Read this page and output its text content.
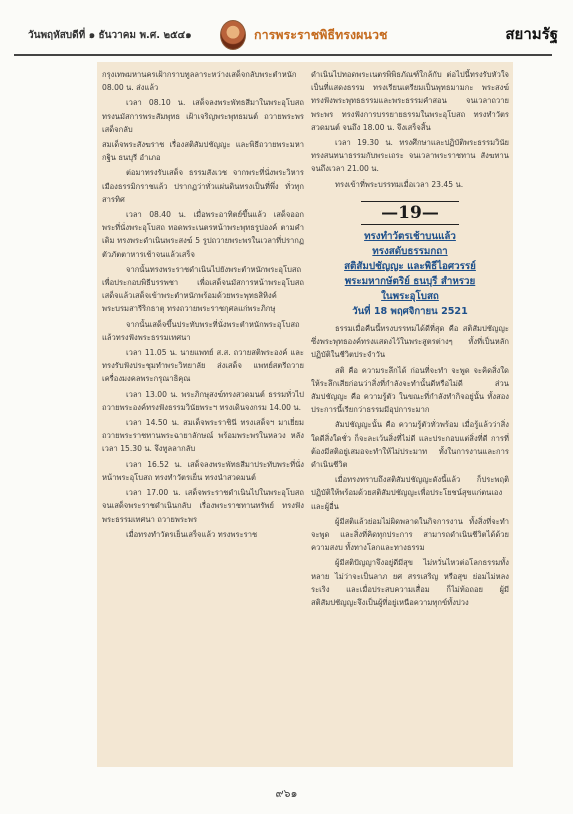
วันพฤหัสบดีที่ ๑ ธันวาคม พ.ศ. ๒๕๔๑	การพระราชพิธีทรงผนวช	สยามรัฐ

กรุงเทพมหานครเฝ้ากราบทูลลาระหว่างเสด็จกลับพระตำหนัก 08.00 น. ส่งแล้ว

เวลา 08.10 น. เสด็จลงพระพัทธสีมาในพระอุโบสถ ทรงนมัสการพระสัมพุทธ เฝ้าเจริญพระพุทธมนต์ ถวายพระพร เสด็จกลับ

สมเด็จพระสังฆราช เรื่องสติสัมปชัญญะ และพิธีถวายพระมหากฐิน ธนบุรี อำเภอ

ต่อมาทรงรับเสด็จ ธรรมสังเวช จากพระที่นั่งพระวิหารเมืองธรรมิกราชแล้ว ปรากฏว่าทั่วแผ่นดินทรงเป็นที่พึ่ง ทั่วทุกสารทิศ

เวลา 08.40 น. เมื่อพระอาทิตย์ขึ้นแล้ว เสด็จออกพระที่นั่งพระอุโบสถ ทอดพระเนตรหน้าพระพุทธรูปองค์ ตามคำเดิม ทรงพระดำเนินพระสงฆ์ 5 รูปถวายพระพรในเวลาที่ปรากฏตัวภัตตาหารเช้าจนแล้วเสร็จ

จากนั้นทรงพระราชดำเนินไปยังพระตำหนักพระอุโบสถ เพื่อประกอบพิธีบรรพชา เพื่อเสด็จนมัสการหน้าพระอุโบสถ เสด็จแล้วเสด็จเข้าพระตำหนักพร้อมด้วยพระพุทธสิหิงค์ พระบรมสารีริกธาตุ ทรงถวายพระราชกุศลแก่พระภิกษุ

จากนั้นเสด็จขึ้นประทับพระที่นั่งพระตำหนักพระอุโบสถ แล้วทรงฟังพระธรรมเทศนา

เวลา 11.05 น. นายแพทย์ ส.ส. ถวายสติพระองค์ และทรงรับฟังประชุมทำพระวิทยาลัย ส่งเสด็จ แพทย์สตรีถวายเครื่องมงคลพระกรุณาธิคุณ

เวลา 13.00 น. พระภิกษุสงฆ์ทรงสวดมนต์ ธรรมทั่วไป ถวายพระองค์ทรงฟังธรรมวินัยพระฯ ทรงเดินจงกรม 14.00 น.

เวลา 14.50 น. สมเด็จพระราชินี ทรงเสด็จฯ มาเยี่ยมถวายพระราชทานพระฉายาลักษณ์ พร้อมพระพรในหลวง หลังเวลา 15.30 น. จึงทูลลากลับ

เวลา 16.52 น. เสด็จลงพระพัทธสีมาประทับพระที่นั่งหน้าพระอุโบสถ ทรงทำวัตรเย็น ทรงนำสวดมนต์

เวลา 17.00 น. เสด็จพระราชดำเนินไปในพระอุโบสถ จนเสด็จพระราชดำเนินกลับ เรื่องพระราชทานทรัพย์ ทรงฟังพระธรรมเทศนา ถวายพระพร

เมื่อทรงทำวัตรเย็นเสร็จแล้ว ทรงพระราช

ดำเนินไปทอดพระเนตรพิพิธภัณฑ์ใกล้กับ ต่อไปนี้ทรงรับหัวใจเป็นที่แสดงธรรม ทรงเรียนเตรียมเป็นพุทธมามกะ พระสงฆ์ทรงฟังพระพุทธธรรมและพระธรรมคำสอน จนเวลาถวายพระพร ทรงฟังการบรรยายธรรมในพระอุโบสถ ทรงทำวัตรสวดมนต์ จนถึง 18.00 น. จึงเสร็จสิ้น

เวลา 19.30 น. ทรงศึกษาและปฏิบัติพระธรรมวินัย ทรงสนทนาธรรมกับพระเถระ จนเวลาพระราชทาน สังฆทาน จนถึงเวลา 21.00 น.

ทรงเข้าที่พระบรรทมเมื่อเวลา 23.45 น.

—19—
ทรงทำวัตรเช้าบนแล้ว
ทรงสดับธรรมกถา
สติสัมปชัญญะ และพิธีไอศวรรย์
พระมหากษัตริย์ ธนบุรี สำหรวย
ในพระอุโบสถ
วันที่ 18 พฤศจิกายน 2521

ธรรมเมื่อคืนนี้ทรงบรรทมได้ดีที่สุด คือ สติสัมปชัญญะ ซึ่งพระพุทธองค์ทรงแสดงไว้ในพระสูตรต่างๆ ทั้งที่เป็นหลักปฏิบัติในชีวิตประจำวัน

สติ คือ ความระลึกได้ ก่อนที่จะทำ จะพูด จะคิดสิ่งใด ให้ระลึกเสียก่อนว่าสิ่งที่กำลังจะทำนั้นดีหรือไม่ดี ส่วนสัมปชัญญะ คือ ความรู้ตัว ในขณะที่กำลังทำกิจอยู่นั้น ทั้งสองประการนี้เรียกว่าธรรมมีอุปการะมาก

สัมปชัญญะนั้น คือ ความรู้ตัวทั่วพร้อม เมื่อรู้แล้วว่าสิ่งใดดีสิ่งใดชั่ว ก็จะละเว้นสิ่งที่ไม่ดี และประกอบแต่สิ่งที่ดี การที่ต้องมีสติอยู่เสมอจะทำให้ไม่ประมาท ทั้งในการงานและการดำเนินชีวิต

เมื่อทรงทราบถึงสติสัมปชัญญะดังนี้แล้ว ก็ประพฤติปฏิบัติให้พร้อมด้วยสติสัมปชัญญะเพื่อประโยชน์สุขแก่ตนเองและผู้อื่น

ผู้มีสติแล้วย่อมไม่ผิดพลาดในกิจการงาน ทั้งสิ่งที่จะทำ จะพูด และสิ่งที่คิดทุกประการ สามารถดำเนินชีวิตได้ด้วยความสงบ ทั้งทางโลกและทางธรรม

ผู้มีสติปัญญาจึงอยู่ดีมีสุข ไม่หวั่นไหวต่อโลกธรรมทั้งหลาย ไม่ว่าจะเป็นลาภ ยศ สรรเสริญ หรือสุข ย่อมไม่หลงระเริง และเมื่อประสบความเสื่อม ก็ไม่ท้อถอย ผู้มีสติสัมปชัญญะจึงเป็นผู้ที่อยู่เหนือความทุกข์ทั้งปวง

๙๖๑
